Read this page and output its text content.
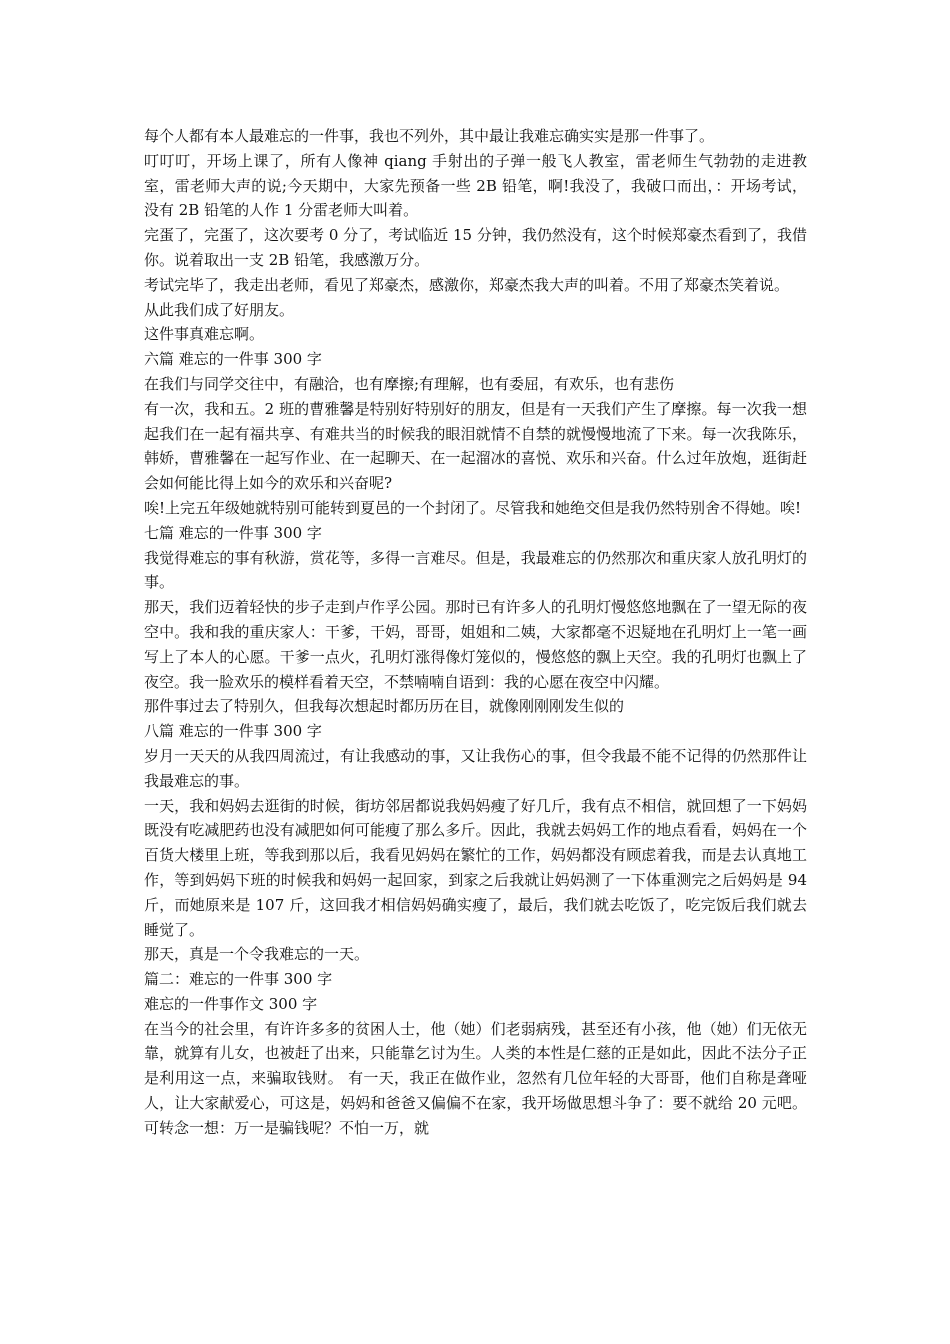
每个人都有本人最难忘的一件事，我也不列外，其中最让我难忘确实实是那一件事了。

叮叮叮，开场上课了，所有人像神 qiang 手射出的子弹一般飞人教室，雷老师生气勃勃的走进教室，雷老师大声的说;今天期中，大家先预备一些 2B 铅笔，啊!我没了，我破口而出，：开场考试，没有 2B 铅笔的人作 1 分雷老师大叫着。

完蛋了，完蛋了，这次要考 0 分了，考试临近 15 分钟，我仍然没有，这个时候郑豪杰看到了，我借你。说着取出一支 2B 铅笔，我感激万分。

考试完毕了，我走出老师，看见了郑豪杰，感激你，郑豪杰我大声的叫着。不用了郑豪杰笑着说。

从此我们成了好朋友。

这件事真难忘啊。

六篇 难忘的一件事 300 字

在我们与同学交往中，有融洽，也有摩擦;有理解，也有委屈，有欢乐，也有悲伤

有一次，我和五。2 班的曹雅馨是特别好特别好的朋友，但是有一天我们产生了摩擦。每一次我一想起我们在一起有福共享、有难共当的时候我的眼泪就情不自禁的就慢慢地流了下来。每一次我陈乐，韩娇，曹雅馨在一起写作业、在一起聊天、在一起溜冰的喜悦、欢乐和兴奋。什么过年放炮，逛街赶会如何能比得上如今的欢乐和兴奋呢?

唉!上完五年级她就特别可能转到夏邑的一个封闭了。尽管我和她绝交但是我仍然特别舍不得她。唉!

七篇 难忘的一件事 300 字

我觉得难忘的事有秋游，赏花等，多得一言难尽。但是，我最难忘的仍然那次和重庆家人放孔明灯的事。

那天，我们迈着轻快的步子走到卢作孚公园。那时已有许多人的孔明灯慢悠悠地飘在了一望无际的夜空中。我和我的重庆家人：干爹，干妈，哥哥，姐姐和二姨，大家都毫不迟疑地在孔明灯上一笔一画写上了本人的心愿。干爹一点火，孔明灯涨得像灯笼似的，慢悠悠的飘上天空。我的孔明灯也飘上了夜空。我一脸欢乐的模样看着天空，不禁喃喃自语到：我的心愿在夜空中闪耀。

那件事过去了特别久，但我每次想起时都历历在目，就像刚刚刚发生似的

八篇 难忘的一件事 300 字

岁月一天天的从我四周流过，有让我感动的事，又让我伤心的事，但令我最不能不记得的仍然那件让我最难忘的事。

一天，我和妈妈去逛街的时候，街坊邻居都说我妈妈瘦了好几斤，我有点不相信，就回想了一下妈妈既没有吃减肥药也没有减肥如何可能瘦了那么多斤。因此，我就去妈妈工作的地点看看，妈妈在一个百货大楼里上班，等我到那以后，我看见妈妈在繁忙的工作，妈妈都没有顾虑着我，而是去认真地工作，等到妈妈下班的时候我和妈妈一起回家，到家之后我就让妈妈测了一下体重测完之后妈妈是 94 斤，而她原来是 107 斤，这回我才相信妈妈确实瘦了，最后，我们就去吃饭了，吃完饭后我们就去睡觉了。

那天，真是一个令我难忘的一天。

篇二：难忘的一件事 300 字

难忘的一件事作文 300 字

在当今的社会里，有许许多多的贫困人士，他（她）们老弱病残，甚至还有小孩，他（她）们无依无靠，就算有儿女，也被赶了出来，只能靠乞讨为生。人类的本性是仁慈的正是如此，因此不法分子正是利用这一点，来骗取钱财。 有一天，我正在做作业，忽然有几位年轻的大哥哥，他们自称是聋哑人，让大家献爱心，可这是，妈妈和爸爸又偏偏不在家，我开场做思想斗争了：要不就给 20 元吧。可转念一想：万一是骗钱呢？不怕一万，就
